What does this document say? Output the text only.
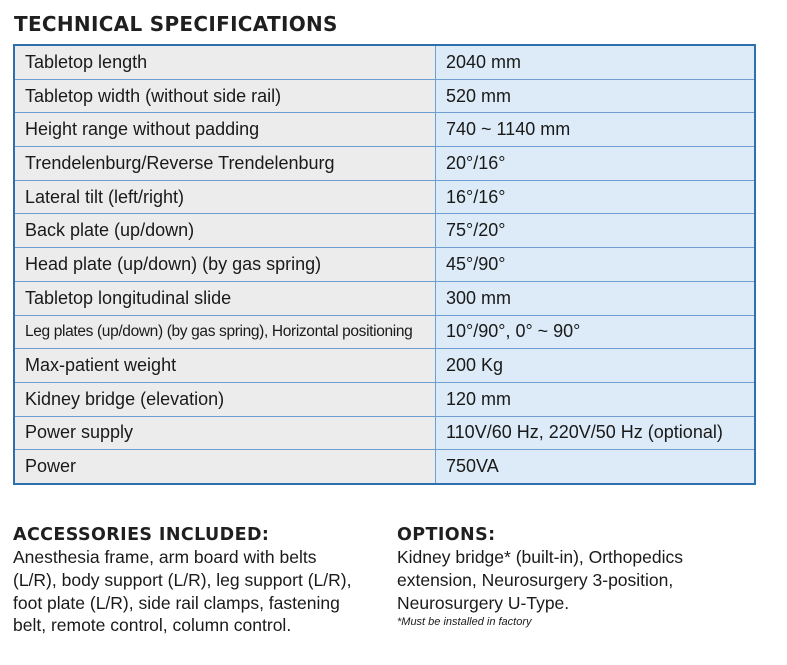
TECHNICAL SPECIFICATIONS
Tabletop length	2040 mm
Tabletop width (without side rail)	520 mm
Height range without padding	740 ~ 1140 mm
Trendelenburg/Reverse Trendelenburg	20°/16°
Lateral tilt (left/right)	16°/16°
Back plate (up/down)	75°/20°
Head plate (up/down) (by gas spring)	45°/90°
Tabletop longitudinal slide	300 mm
Leg plates (up/down) (by gas spring), Horizontal positioning	10°/90°, 0° ~ 90°
Max-patient weight	200 Kg
Kidney bridge (elevation)	120 mm
Power supply	110V/60 Hz, 220V/50 Hz (optional)
Power	750VA
ACCESSORIES INCLUDED:

Anesthesia frame, arm board with belts (L/R), body support (L/R), leg support (L/R), foot plate (L/R), side rail clamps, fastening belt, remote control, column control.

OPTIONS:

Kidney bridge* (built-in), Orthopedics extension, Neurosurgery 3-position, Neurosurgery U-Type.

*Must be installed in factory
